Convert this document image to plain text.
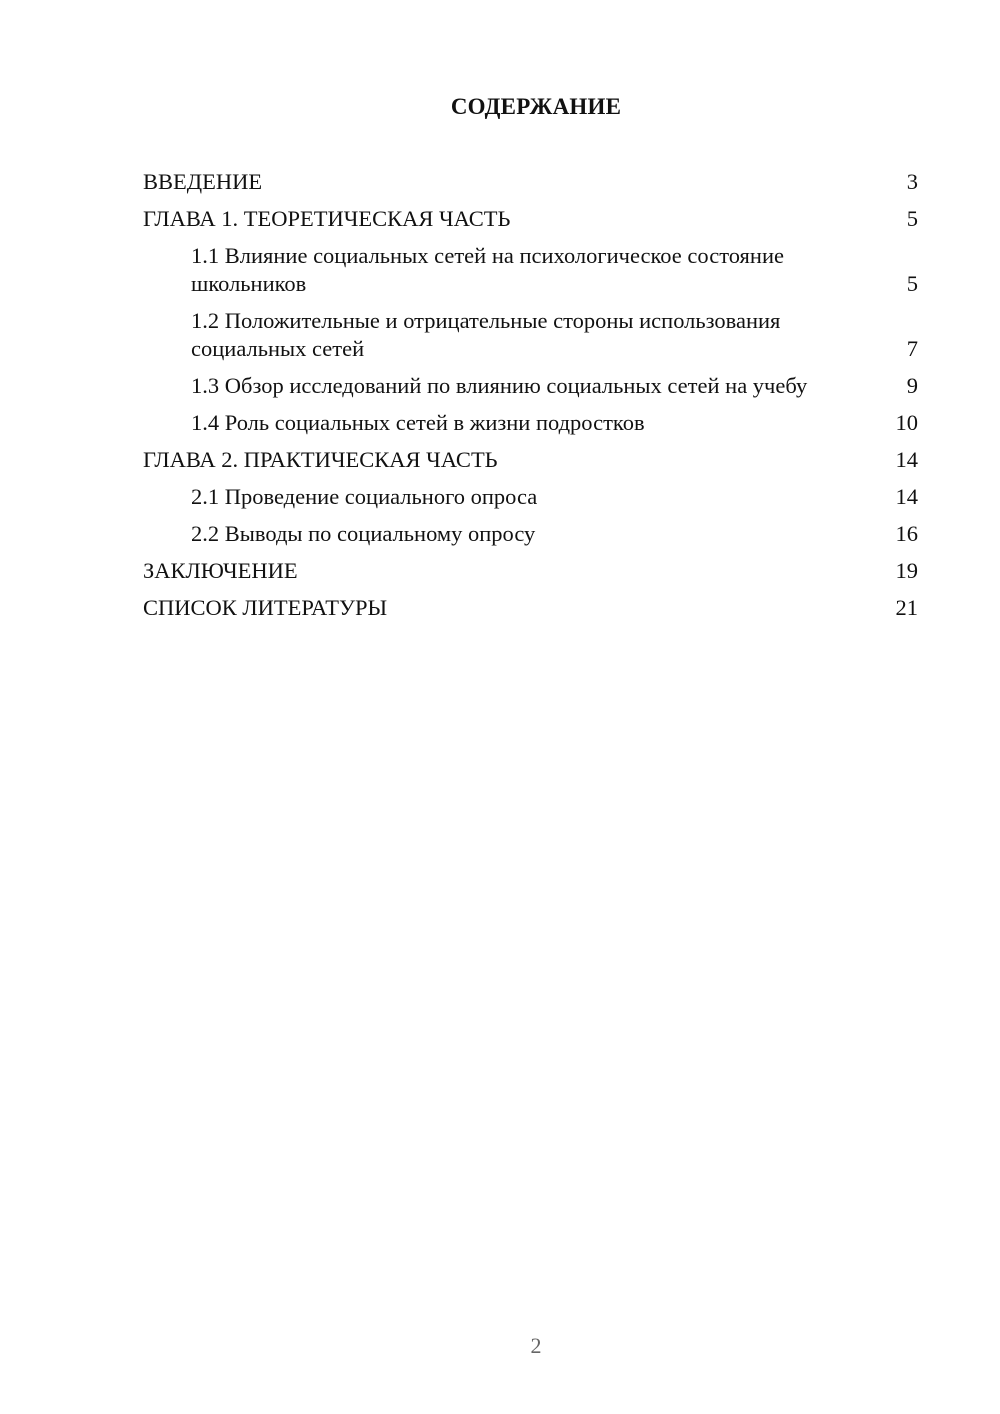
СОДЕРЖАНИЕ
ВВЕДЕНИЕ	3
ГЛАВА 1. ТЕОРЕТИЧЕСКАЯ ЧАСТЬ	5
1.1 Влияние социальных сетей на психологическое состояние школьников	5
1.2 Положительные и отрицательные стороны использования социальных сетей	7
1.3 Обзор исследований по влиянию социальных сетей на учебу	9
1.4 Роль социальных сетей в жизни подростков	10
ГЛАВА 2. ПРАКТИЧЕСКАЯ ЧАСТЬ	14
2.1 Проведение социального опроса	14
2.2 Выводы по социальному опросу	16
ЗАКЛЮЧЕНИЕ	19
СПИСОК ЛИТЕРАТУРЫ	21
2
